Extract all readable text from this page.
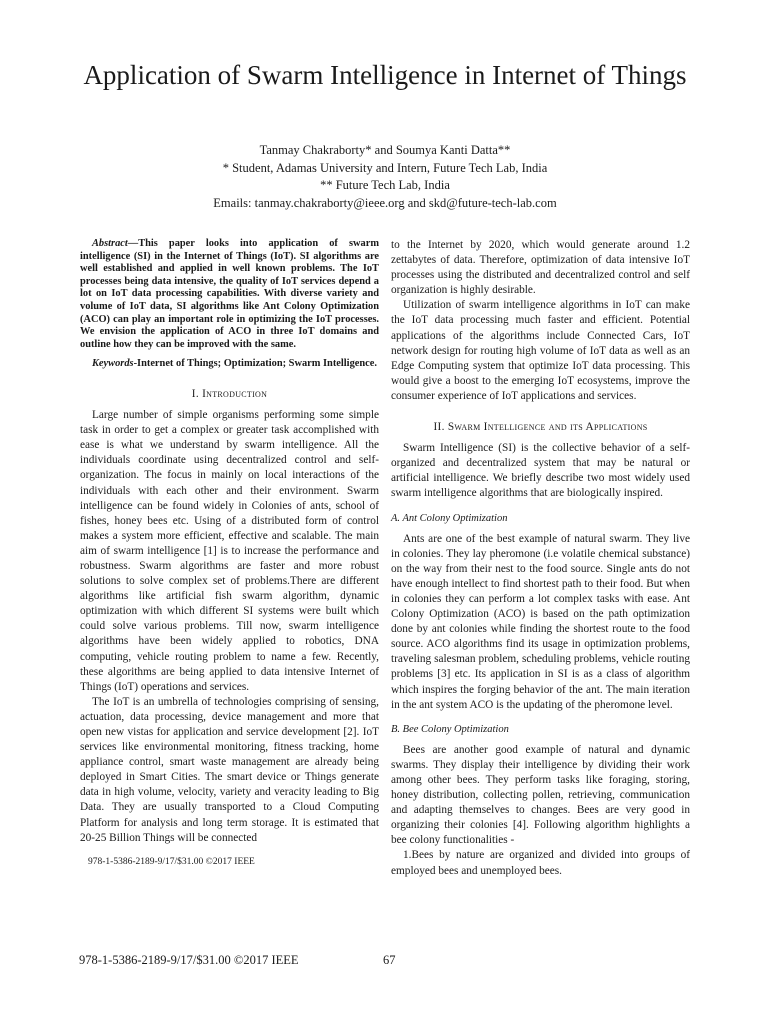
Application of Swarm Intelligence in Internet of Things
Tanmay Chakraborty* and Soumya Kanti Datta**
* Student, Adamas University and Intern, Future Tech Lab, India
** Future Tech Lab, India
Emails: tanmay.chakraborty@ieee.org and skd@future-tech-lab.com

Abstract—This paper looks into application of swarm intelligence (SI) in the Internet of Things (IoT). SI algorithms are well established and applied in well known problems. The IoT processes being data intensive, the quality of IoT services depend a lot on IoT data processing capabilities. With diverse variety and volume of IoT data, SI algorithms like Ant Colony Optimization (ACO) can play an important role in optimizing the IoT processes. We envision the application of ACO in three IoT domains and outline how they can be improved with the same.

Keywords-Internet of Things; Optimization; Swarm Intelligence.

I. Introduction

Large number of simple organisms performing some simple task in order to get a complex or greater task accomplished with ease is what we understand by swarm intelligence. All the individuals coordinate using decentralized control and self-organization. The focus in mainly on local interactions of the individuals with each other and their environment. Swarm intelligence can be found widely in Colonies of ants, school of fishes, honey bees etc. Using of a distributed form of control makes a system more efficient, effective and scalable. The main aim of swarm intelligence [1] is to increase the performance and robustness. Swarm algorithms are faster and more robust solutions to solve complex set of problems.There are different algorithms like artificial fish swarm algorithm, dynamic optimization with which different SI systems were built which could solve various problems. Till now, swarm intelligence algorithms have been widely applied to robotics, DNA computing, vehicle routing problem to name a few. Recently, these algorithms are being applied to data intensive Internet of Things (IoT) operations and services.

The IoT is an umbrella of technologies comprising of sensing, actuation, data processing, device management and more that open new vistas for application and service development [2]. IoT services like environmental monitoring, fitness tracking, home appliance control, smart waste management are already being deployed in Smart Cities. The smart device or Things generate data in high volume, velocity, variety and veracity leading to Big Data. They are usually transported to a Cloud Computing Platform for analysis and long term storage. It is estimated that 20-25 Billion Things will be connected

978-1-5386-2189-9/17/$31.00 ©2017 IEEE

to the Internet by 2020, which would generate around 1.2 zettabytes of data. Therefore, optimization of data intensive IoT processes using the distributed and decentralized control and self organization is highly desirable.

Utilization of swarm intelligence algorithms in IoT can make the IoT data processing much faster and efficient. Potential applications of the algorithms include Connected Cars, IoT network design for routing high volume of IoT data as well as an Edge Computing system that optimize IoT data processing. This would give a boost to the emerging IoT ecosystems, improve the consumer experience of IoT applications and services.

II. Swarm Intelligence and its Applications

Swarm Intelligence (SI) is the collective behavior of a self-organized and decentralized system that may be natural or artificial intelligence. We briefly describe two most widely used swarm intelligence algorithms that are biologically inspired.

A. Ant Colony Optimization

Ants are one of the best example of natural swarm. They live in colonies. They lay pheromone (i.e volatile chemical substance) on the way from their nest to the food source. Single ants do not have enough intellect to find shortest path to their food. But when in colonies they can perform a lot complex tasks with ease. Ant Colony Optimization (ACO) is based on the path optimization done by ant colonies while finding the shortest route to the food source. ACO algorithms find its usage in optimization problems, traveling salesman problem, scheduling problems, vehicle routing problems [3] etc. Its application in SI is as a class of algorithm which inspires the forging behavior of the ant. The main iteration in the ant system ACO is the updating of the pheromone level.

B. Bee Colony Optimization

Bees are another good example of natural and dynamic swarms. They display their intelligence by dividing their work among other bees. They perform tasks like foraging, storing, honey distribution, collecting pollen, retrieving, communication and adapting themselves to changes. Bees are very good in organizing their colonies [4]. Following algorithm highlights a bee colony functionalities -

1.Bees by nature are organized and divided into groups of employed bees and unemployed bees.

978-1-5386-2189-9/17/$31.00 ©2017 IEEE	67
